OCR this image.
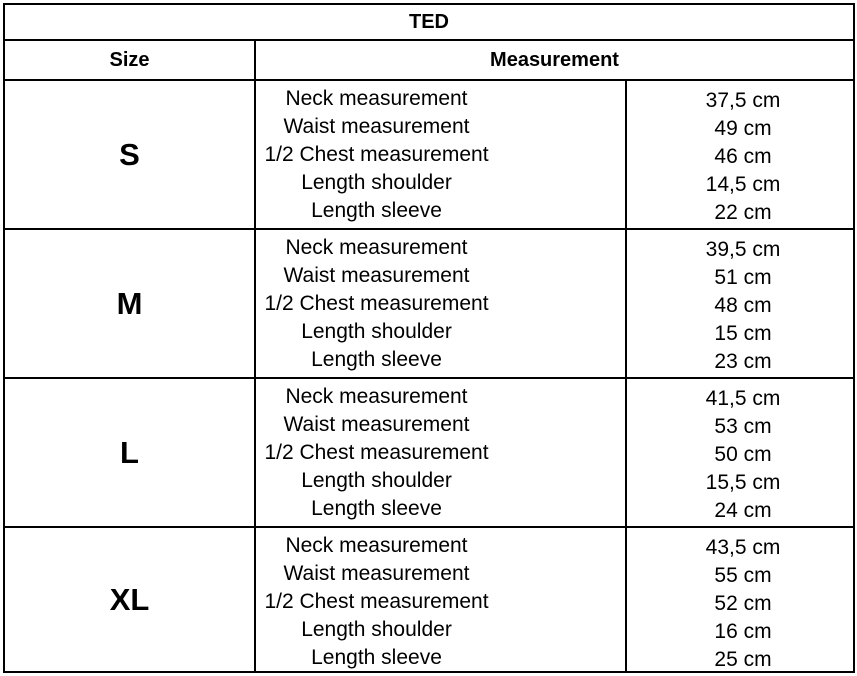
TED
Size	Measurement
S
Neck measurement
Waist measurement
1/2 Chest measurement
Length shoulder
Length sleeve
37,5 cm
49 cm
46 cm
14,5 cm
22 cm
M
Neck measurement
Waist measurement
1/2 Chest measurement
Length shoulder
Length sleeve
39,5 cm
51 cm
48 cm
15 cm
23 cm
L
Neck measurement
Waist measurement
1/2 Chest measurement
Length shoulder
Length sleeve
41,5 cm
53 cm
50 cm
15,5 cm
24 cm
XL
Neck measurement
Waist measurement
1/2 Chest measurement
Length shoulder
Length sleeve
43,5 cm
55 cm
52 cm
16 cm
25 cm
